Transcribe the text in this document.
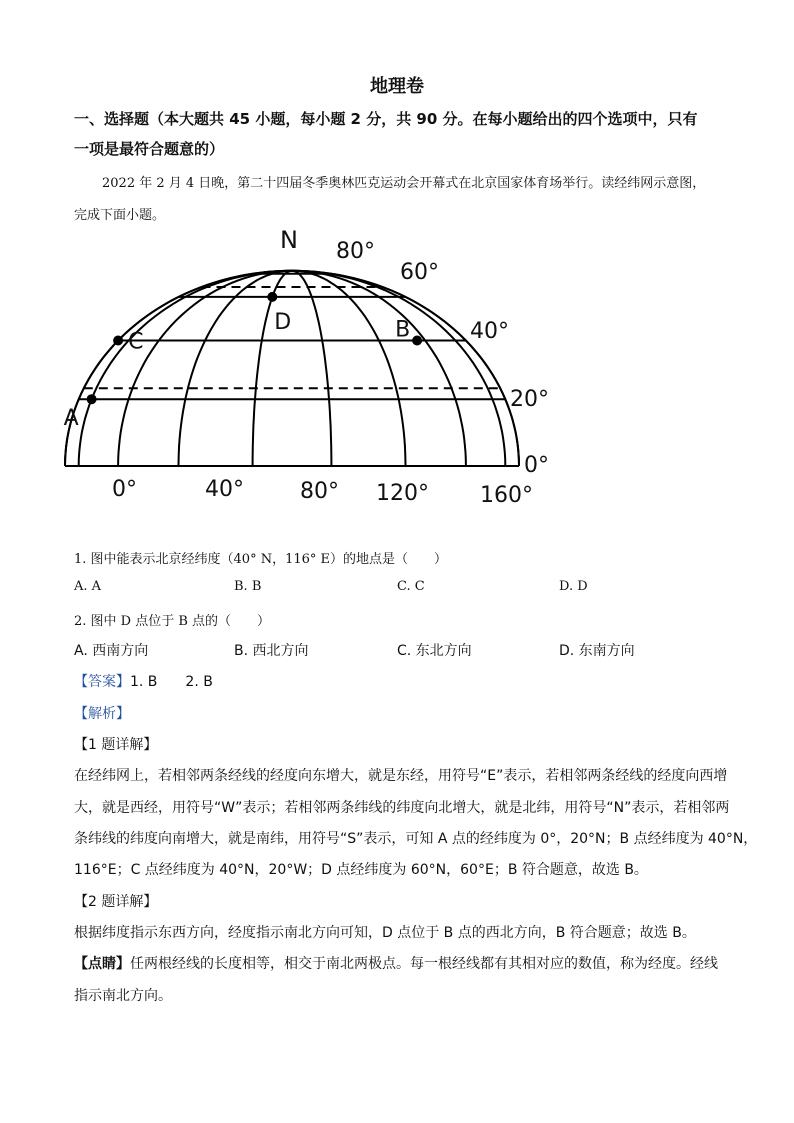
地理卷
一、选择题（本大题共 45 小题，每小题 2 分，共 90 分。在每小题给出的四个选项中，只有
一项是最符合题意的）
2022 年 2 月 4 日晚，第二十四届冬季奥林匹克运动会开幕式在北京国家体育场举行。读经纬网示意图，
完成下面小题。
N 80°
60°
40°
20°
0°
0°	40°	80° 120° 160°
A
B
C
D
1. 图中能表示北京经纬度（40° N，116° E）的地点是（　　）
A. A	B. B	C. C	D. D
2. 图中 D 点位于 B 点的（　　）
A. 西南方向	B. 西北方向	C. 东北方向	D. 东南方向
【答案】1. B　　2. B
【解析】
【1 题详解】
在经纬网上，若相邻两条经线的经度向东增大，就是东经，用符号“E”表示，若相邻两条经线的经度向西增
大，就是西经，用符号“W”表示；若相邻两条纬线的纬度向北增大，就是北纬，用符号“N”表示，若相邻两
条纬线的纬度向南增大，就是南纬，用符号“S”表示，可知 A 点的经纬度为 0°，20°N；B 点经纬度为 40°N，
116°E；C 点经纬度为 40°N，20°W；D 点经纬度为 60°N，60°E；B 符合题意，故选 B。
【2 题详解】
根据纬度指示东西方向，经度指示南北方向可知，D 点位于 B 点的西北方向，B 符合题意；故选 B。
【点睛】任两根经线的长度相等，相交于南北两极点。每一根经线都有其相对应的数值，称为经度。经线
指示南北方向。
